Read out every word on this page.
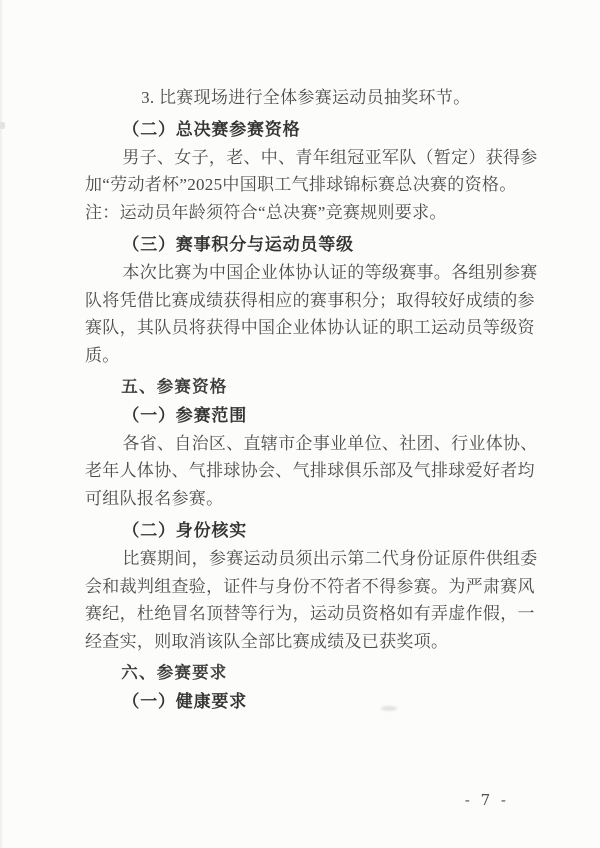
3. 比赛现场进行全体参赛运动员抽奖环节。
（二）总决赛参赛资格
男子、女子，老、中、青年组冠亚军队（暂定）获得参
加“劳动者杯”2025中国职工气排球锦标赛总决赛的资格。
注：运动员年龄须符合“总决赛”竞赛规则要求。
（三）赛事积分与运动员等级
本次比赛为中国企业体协认证的等级赛事。各组别参赛
队将凭借比赛成绩获得相应的赛事积分；取得较好成绩的参
赛队，其队员将获得中国企业体协认证的职工运动员等级资
质。
五、参赛资格
（一）参赛范围
各省、自治区、直辖市企事业单位、社团、行业体协、
老年人体协、气排球协会、气排球俱乐部及气排球爱好者均
可组队报名参赛。
（二）身份核实
比赛期间，参赛运动员须出示第二代身份证原件供组委
会和裁判组查验，证件与身份不符者不得参赛。为严肃赛风
赛纪，杜绝冒名顶替等行为，运动员资格如有弄虚作假，一
经查实，则取消该队全部比赛成绩及已获奖项。
六、参赛要求
（一）健康要求
- 7 -
